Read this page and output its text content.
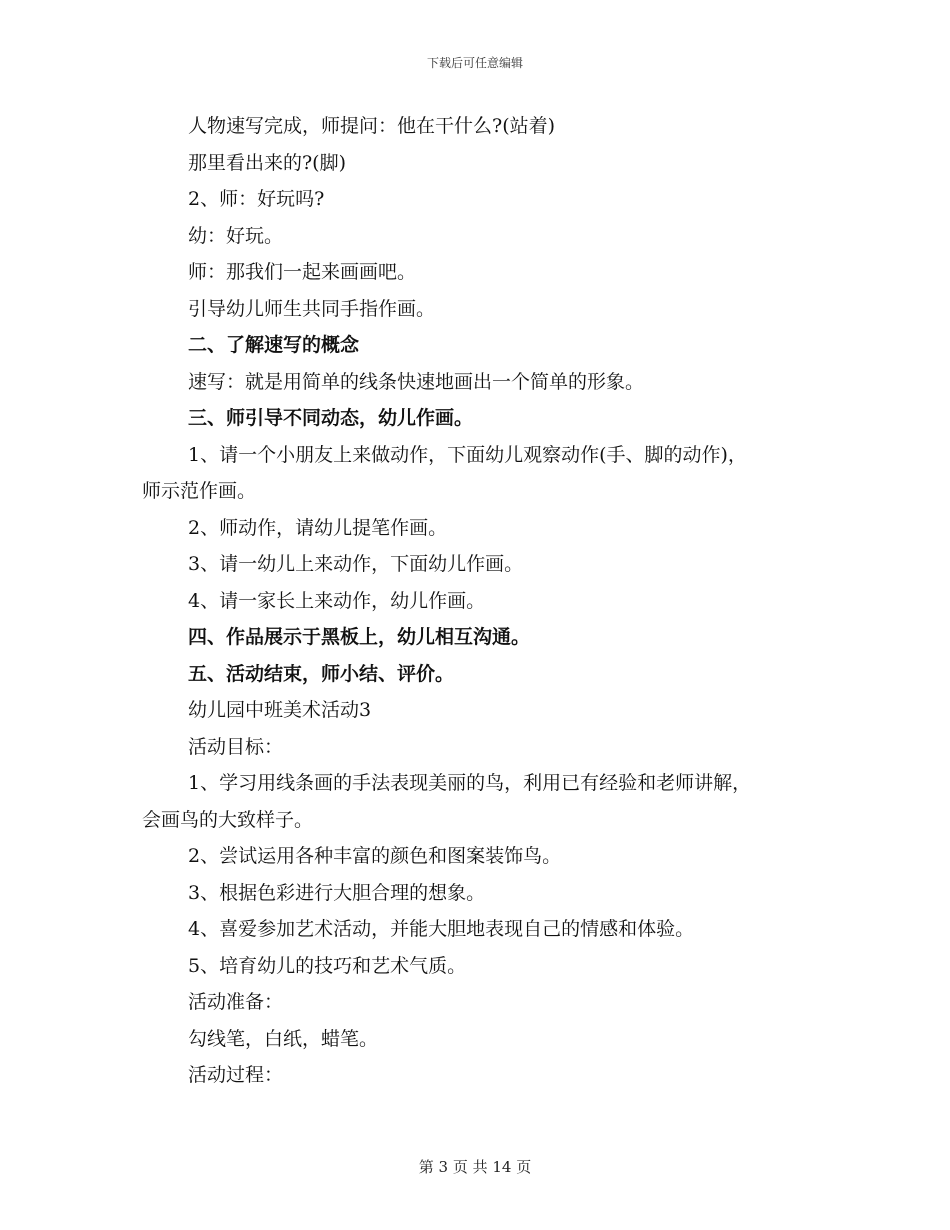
下载后可任意编辑

人物速写完成，师提问：他在干什么?(站着)

那里看出来的?(脚)

2、师：好玩吗?

幼：好玩。

师：那我们一起来画画吧。

引导幼儿师生共同手指作画。

二、了解速写的概念

速写：就是用简单的线条快速地画出一个简单的形象。

三、师引导不同动态，幼儿作画。

1、请一个小朋友上来做动作，下面幼儿观察动作(手、脚的动作)，

师示范作画。

2、师动作，请幼儿提笔作画。

3、请一幼儿上来动作，下面幼儿作画。

4、请一家长上来动作，幼儿作画。

四、作品展示于黑板上，幼儿相互沟通。

五、活动结束，师小结、评价。

幼儿园中班美术活动3

活动目标：

1、学习用线条画的手法表现美丽的鸟，利用已有经验和老师讲解，

会画鸟的大致样子。

2、尝试运用各种丰富的颜色和图案装饰鸟。

3、根据色彩进行大胆合理的想象。

4、喜爱参加艺术活动，并能大胆地表现自己的情感和体验。

5、培育幼儿的技巧和艺术气质。

活动准备：

勾线笔，白纸，蜡笔。

活动过程：

第 3 页 共 14 页
